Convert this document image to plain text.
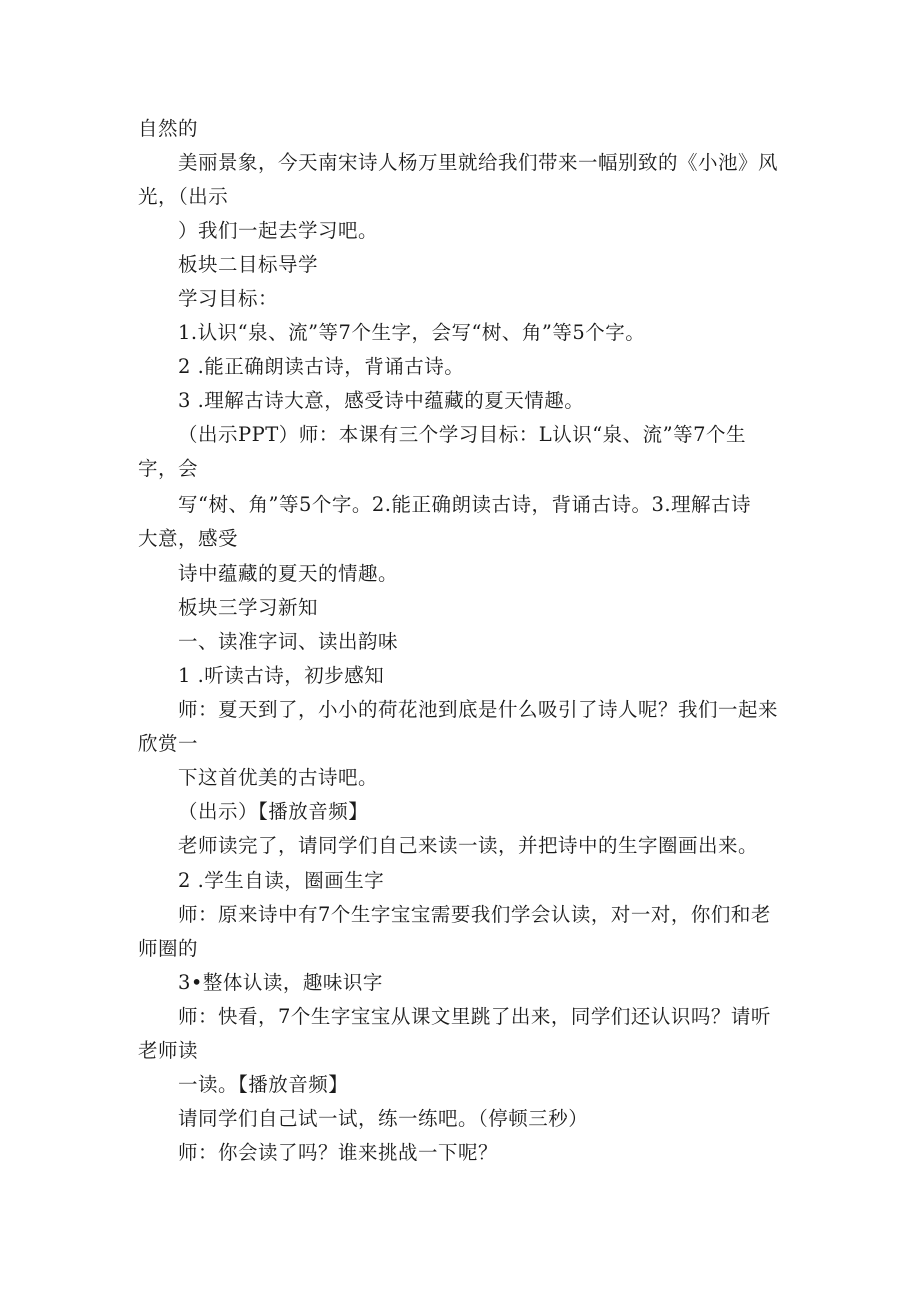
自然的
美丽景象，今天南宋诗人杨万里就给我们带来一幅别致的《小池》风
光，（出示
）我们一起去学习吧。
板块二目标导学
学习目标：
1.认识“泉、流”等7个生字，会写“树、角”等5个字。
2 .能正确朗读古诗，背诵古诗。
3 .理解古诗大意，感受诗中蕴藏的夏天情趣。
（出示PPT）师：本课有三个学习目标：L认识“泉、流”等7个生
字，会
写“树、角”等5个字。2.能正确朗读古诗，背诵古诗。3.理解古诗
大意，感受
诗中蕴藏的夏天的情趣。
板块三学习新知
一、读准字词、读出韵味
1 .听读古诗，初步感知
师：夏天到了，小小的荷花池到底是什么吸引了诗人呢？我们一起来
欣赏一
下这首优美的古诗吧。
（出示）【播放音频】
老师读完了，请同学们自己来读一读，并把诗中的生字圈画出来。
2 .学生自读，圈画生字
师：原来诗中有7个生字宝宝需要我们学会认读，对一对，你们和老
师圈的
3•整体认读，趣味识字
师：快看，7个生字宝宝从课文里跳了出来，同学们还认识吗？请听
老师读
一读。【播放音频】
请同学们自己试一试，练一练吧。（停顿三秒）
师：你会读了吗？谁来挑战一下呢？
